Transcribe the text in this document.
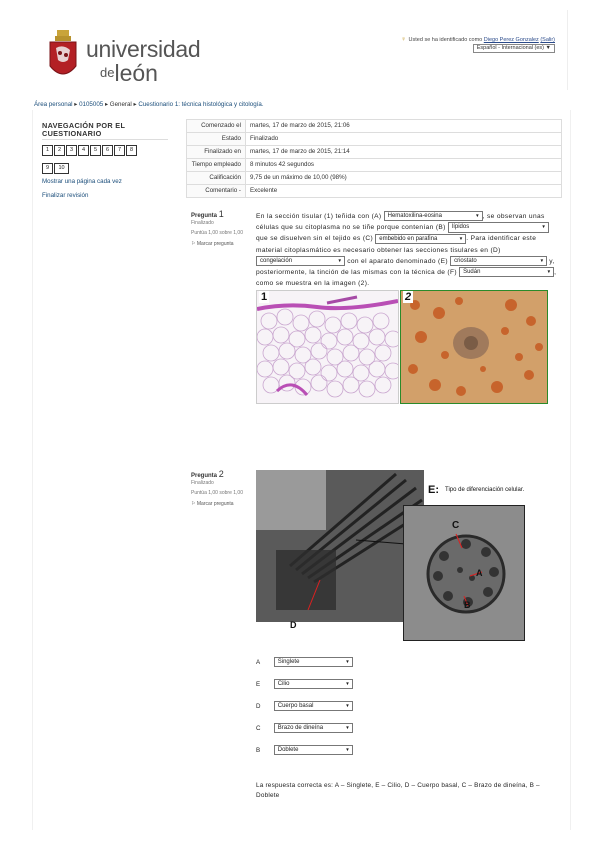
universidad
deleón
♀ Usted se ha identificado como Diego Perez Gonzalez (Salir)
Español - Internacional (es) ▼
Área personal ▸ 0105005 ▸ General ▸ Cuestionario 1: técnica histológica y citología.
NAVEGACIÓN POR EL CUESTIONARIO
1 2 3 4 5 6 7 8
9 10
Mostrar una página cada vez
Finalizar revisión
Comenzado el	martes, 17 de marzo de 2015, 21:06
Estado	Finalizado
Finalizado en	martes, 17 de marzo de 2015, 21:14
Tiempo empleado	8 minutos 42 segundos
Calificación	9,75 de un máximo de 10,00 (98%)
Comentario -	Excelente
Pregunta 1
Finalizado
Puntúa 1,00 sobre 1,00
⚐ Marcar pregunta
En la sección tisular (1) teñida con (A) Hematoxilina-eosina ▼	, se observan unas células que su citoplasma no se tiñe porque contenían (B) lípidos ▼ que se disuelven sin el tejido es (C) embebido en parafina ▼	. Para identificar este material citoplasmático es necesario obtener las secciones tisulares en (D) congelación ▼	con el aparato denominado (E) criostato ▼	y, posteriormente, la tinción de las mismas con la técnica de (F) Sudán ▼	, como se muestra en la imagen (2).
1	2
Pregunta 2
Finalizado
Puntúa 1,00 sobre 1,00
⚐ Marcar pregunta
E: Tipo de diferenciación celular.
D
C
A
B
A	Singlete ▼
E	Cilio ▼
D	Cuerpo basal ▼
C	Brazo de dineína ▼
B	Doblete ▼
La respuesta correcta es: A – Singlete, E – Cilio, D – Cuerpo basal, C – Brazo de dineína, B – Doblete
